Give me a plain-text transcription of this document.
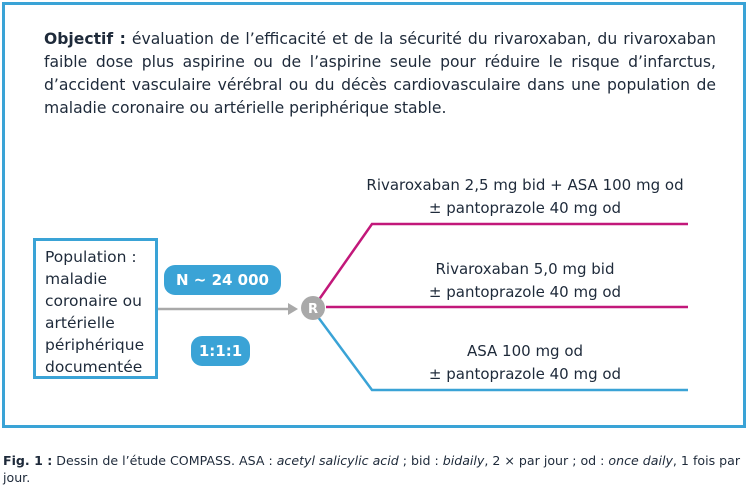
Objectif : évaluation de l’efficacité et de la sécurité du rivaroxaban, du rivaroxaban faible dose plus aspirine ou de l’aspirine seule pour réduire le risque d’infarctus, d’accident vasculaire vérébral ou du décès cardiovasculaire dans une population de maladie coronaire ou artérielle periphérique stable.
R
Rivaroxaban 2,5 mg bid + ASA 100 mg od
± pantoprazole 40 mg od
Rivaroxaban 5,0 mg bid
± pantoprazole 40 mg od
ASA 100 mg od
± pantoprazole 40 mg od
Population :
maladie
coronaire ou
artérielle
périphérique
documentée
N ~ 24 000
1:1:1
Fig. 1 : Dessin de l’étude COMPASS. ASA : acetyl salicylic acid ; bid : bidaily, 2 × par jour ; od : once daily, 1 fois par jour.
